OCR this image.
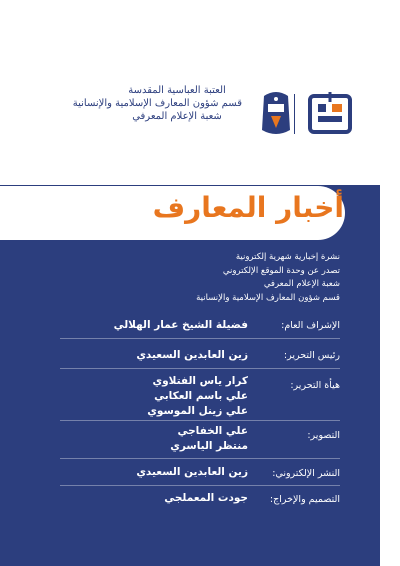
العتبة العباسية المقدسة
قسم شؤون المعارف الإسلامية والإنسانية
شعبة الإعلام المعرفي
أخبار المعارف
نشرة إخبارية شهرية إلكترونية
تصدر عن وحدة الموقع الإلكتروني
شعبة الإعلام المعرفي
قسم شؤون المعارف الإسلامية والإنسانية
الإشراف العام:
فضيلة الشيخ عمار الهلالي
رئيس التحرير:
زين العابدين السعيدي
هيأة التحرير:
كرار ياس الفتلاوي
علي باسم العكابي
علي زينل الموسوي
التصوير:
علي الخفاجي
منتظر الياسري
النشر الإلكتروني:
زين العابدين السعيدي
التصميم والإخراج:
جودت المعملجي
